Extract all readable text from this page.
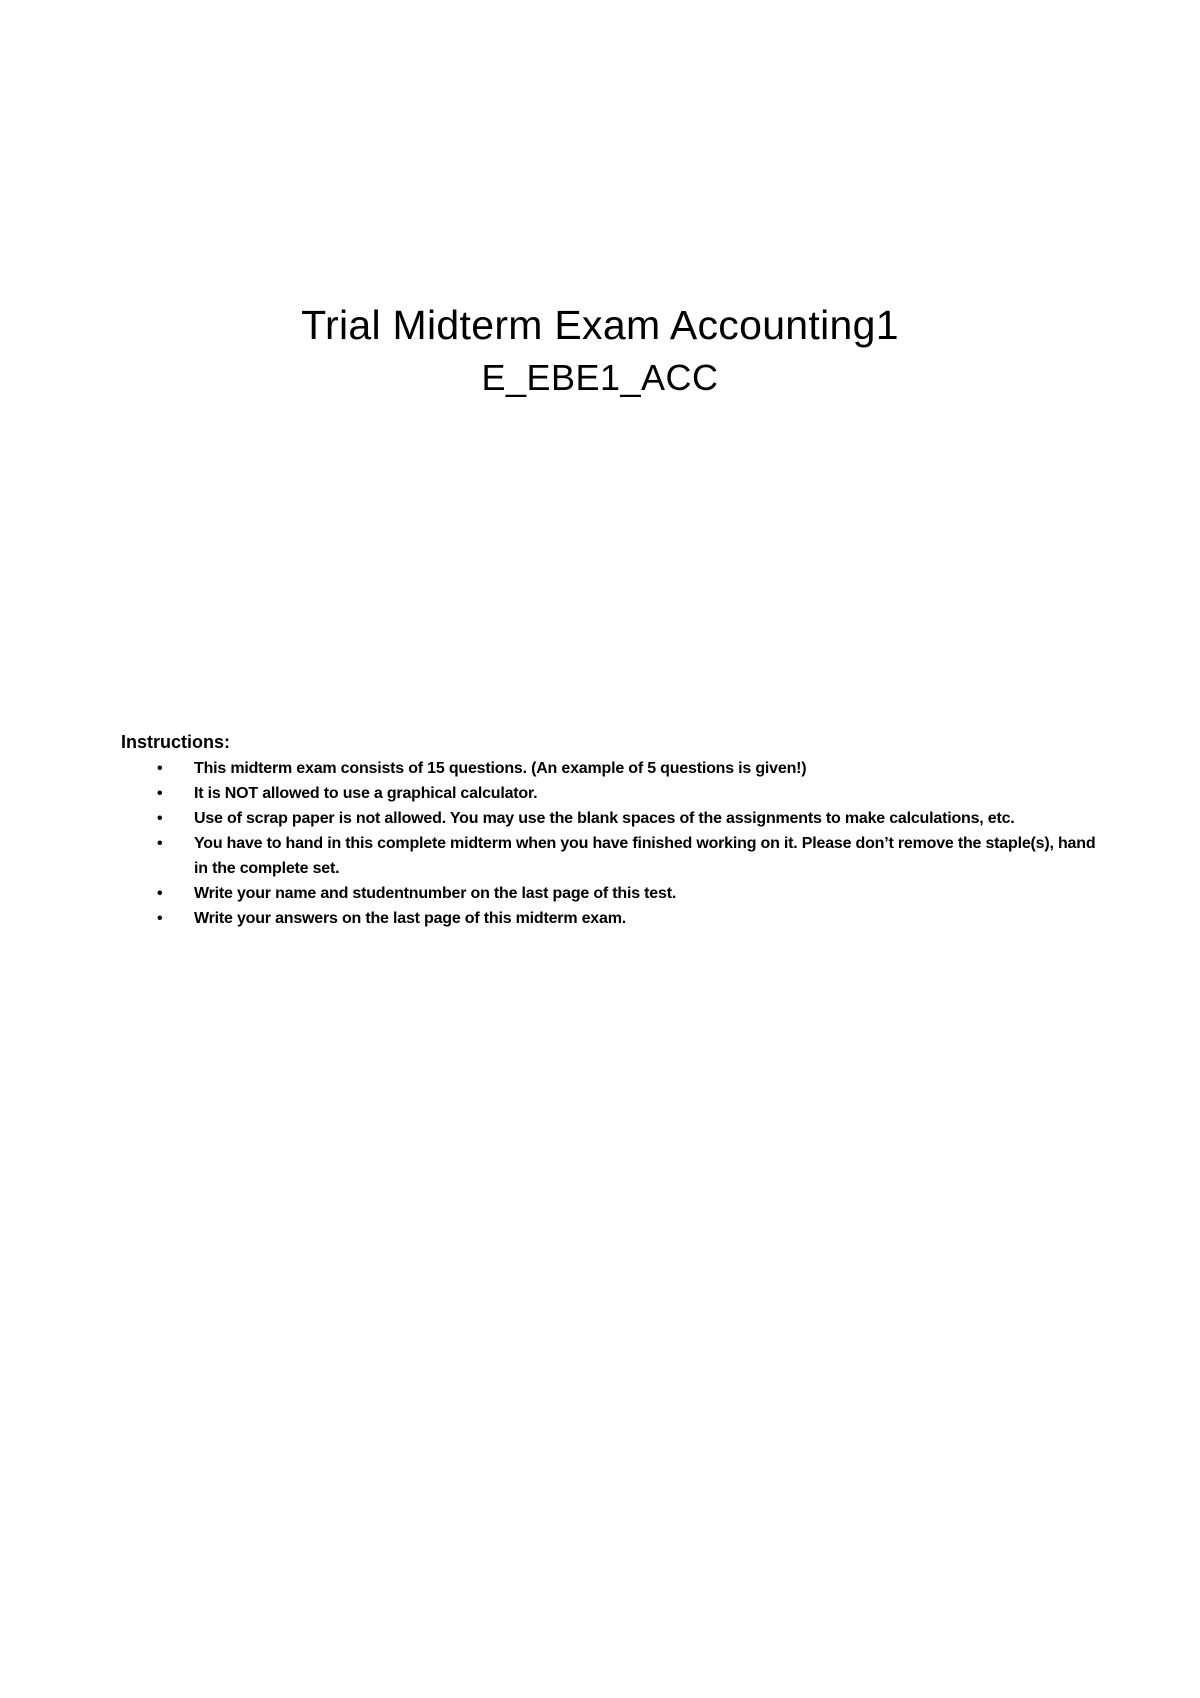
Trial Midterm Exam Accounting1
E_EBE1_ACC
Instructions:
•	This midterm exam consists of 15 questions. (An example of 5 questions is given!)
•	It is NOT allowed to use a graphical calculator.
•	Use of scrap paper is not allowed. You may use the blank spaces of the assignments to make calculations, etc.
•	You have to hand in this complete midterm when you have finished working on it. Please don’t remove the staple(s), hand in the complete set.
•	Write your name and studentnumber on the last page of this test.
•	Write your answers on the last page of this midterm exam.
